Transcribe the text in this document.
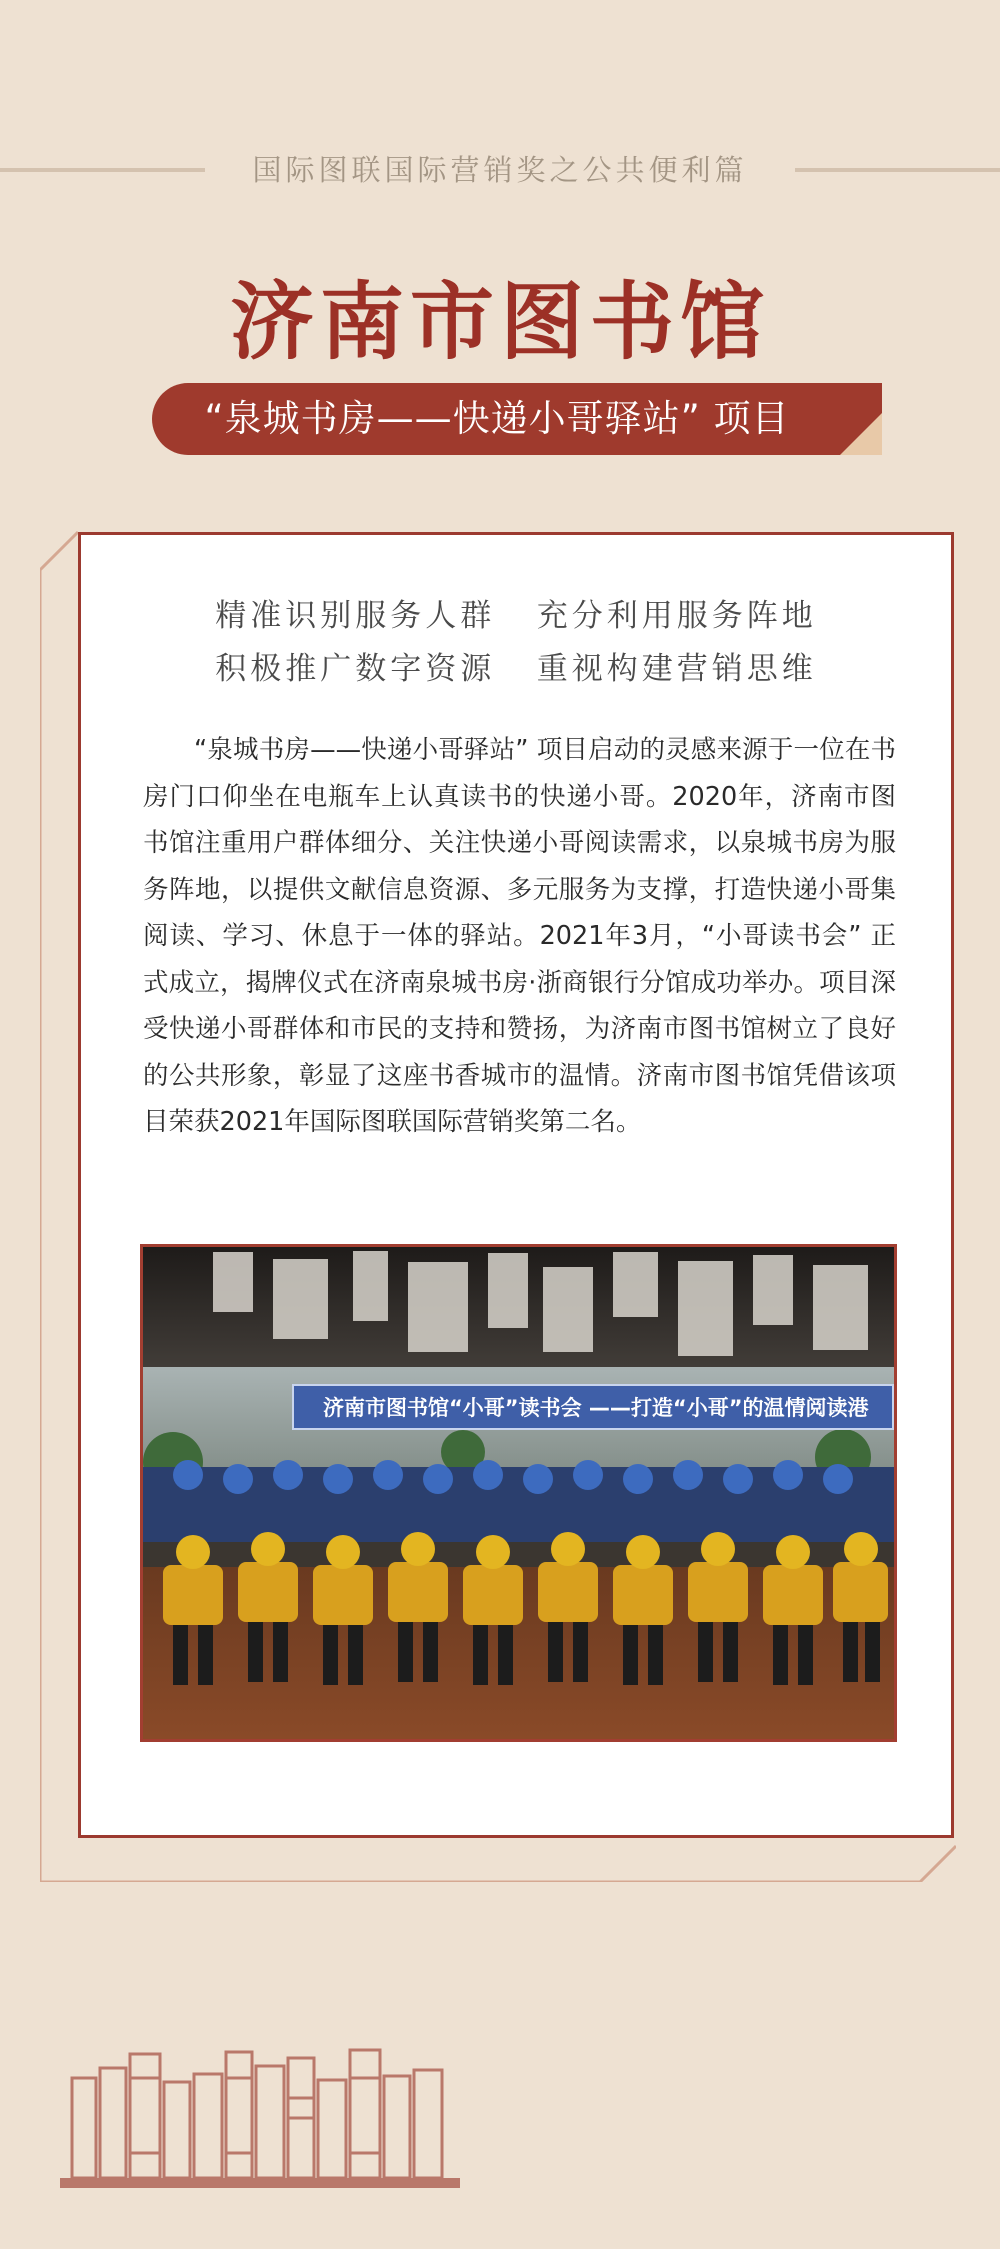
国际图联国际营销奖之公共便利篇
济南市图书馆
“泉城书房——快递小哥驿站” 项目
精准识别服务人群   充分利用服务阵地
积极推广数字资源   重视构建营销思维
“泉城书房——快递小哥驿站” 项目启动的灵感来源于一位在书房门口仰坐在电瓶车上认真读书的快递小哥。2020年，济南市图书馆注重用户群体细分、关注快递小哥阅读需求，以泉城书房为服务阵地，以提供文献信息资源、多元服务为支撑，打造快递小哥集阅读、学习、休息于一体的驿站。2021年3月，“小哥读书会” 正式成立，揭牌仪式在济南泉城书房·浙商银行分馆成功举办。项目深受快递小哥群体和市民的支持和赞扬，为济南市图书馆树立了良好的公共形象，彰显了这座书香城市的温情。济南市图书馆凭借该项目荣获2021年国际图联国际营销奖第二名。
济南市图书馆“小哥”读书会 ——打造“小哥”的温情阅读港
